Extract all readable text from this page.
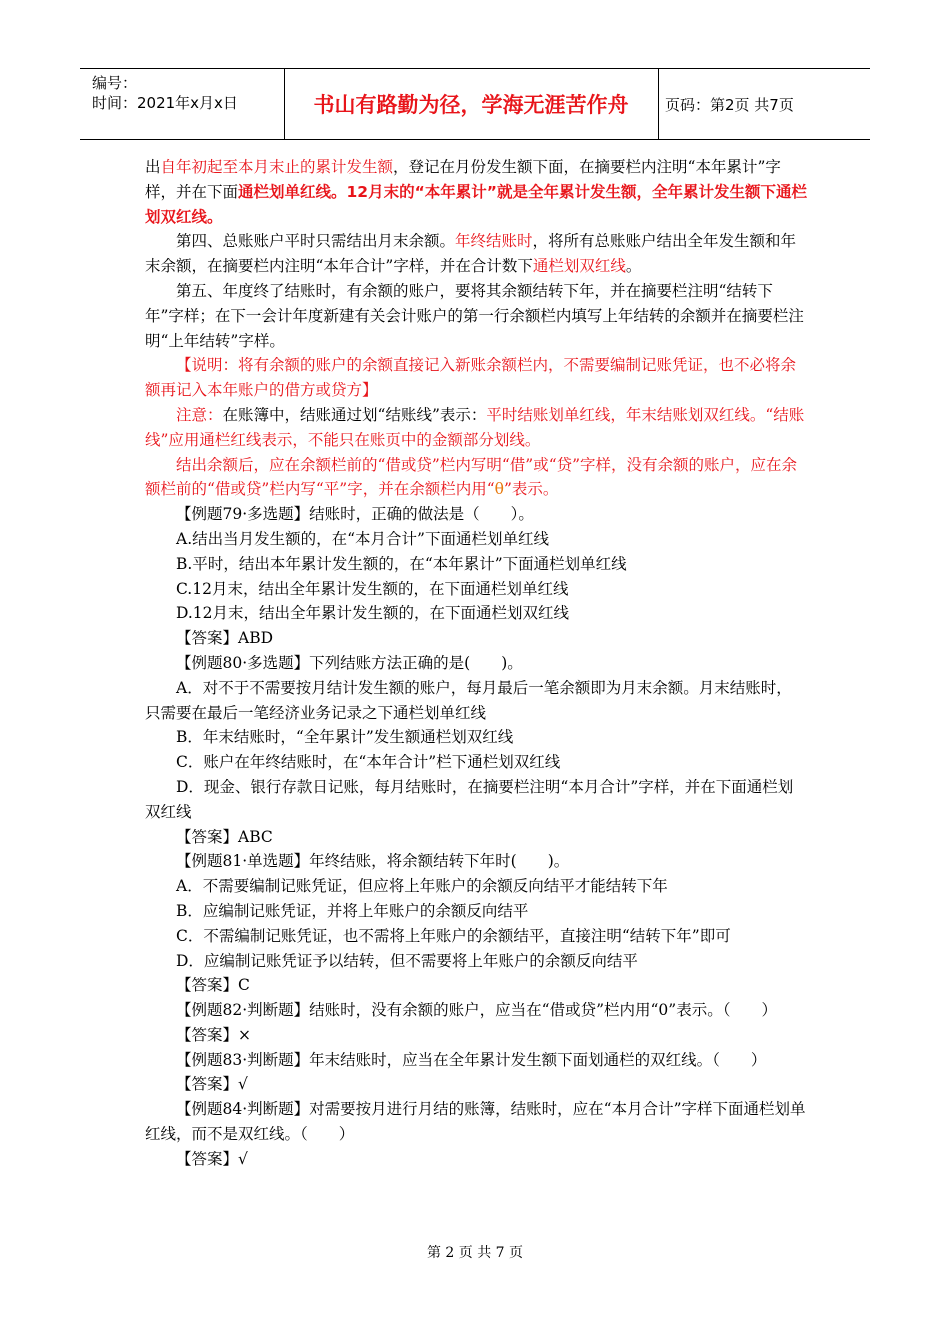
编号：
时间：2021年x月x日	书山有路勤为径，学海无涯苦作舟	页码：第2页 共7页

出自年初起至本月末止的累计发生额，登记在月份发生额下面，在摘要栏内注明“本年累计”字样，并在下面通栏划单红线。12月末的“本年累计”就是全年累计发生额，全年累计发生额下通栏划双红线。

第四、总账账户平时只需结出月末余额。年终结账时，将所有总账账户结出全年发生额和年末余额，在摘要栏内注明“本年合计”字样，并在合计数下通栏划双红线。

第五、年度终了结账时，有余额的账户，要将其余额结转下年，并在摘要栏注明“结转下年”字样；在下一会计年度新建有关会计账户的第一行余额栏内填写上年结转的余额并在摘要栏注明“上年结转”字样。

【说明：将有余额的账户的余额直接记入新账余额栏内，不需要编制记账凭证，也不必将余额再记入本年账户的借方或贷方】

注意：在账簿中，结账通过划“结账线”表示：平时结账划单红线，年末结账划双红线。“结账线”应用通栏红线表示，不能只在账页中的金额部分划线。

结出余额后，应在余额栏前的“借或贷”栏内写明“借”或“贷”字样，没有余额的账户，应在余额栏前的“借或贷”栏内写“平”字，并在余额栏内用“θ”表示。

【例题79·多选题】结账时，正确的做法是（　　）。

A.结出当月发生额的，在“本月合计”下面通栏划单红线

B.平时，结出本年累计发生额的，在“本年累计”下面通栏划单红线

C.12月末，结出全年累计发生额的，在下面通栏划单红线

D.12月末，结出全年累计发生额的，在下面通栏划双红线

【答案】ABD

【例题80·多选题】下列结账方法正确的是(　　)。

A．对不于不需要按月结计发生额的账户，每月最后一笔余额即为月末余额。月末结账时，只需要在最后一笔经济业务记录之下通栏划单红线

B．年末结账时，“全年累计”发生额通栏划双红线

C．账户在年终结账时，在“本年合计”栏下通栏划双红线

D．现金、银行存款日记账，每月结账时，在摘要栏注明“本月合计”字样，并在下面通栏划双红线

【答案】ABC

【例题81·单选题】年终结账，将余额结转下年时(　　)。

A．不需要编制记账凭证，但应将上年账户的余额反向结平才能结转下年

B．应编制记账凭证，并将上年账户的余额反向结平

C．不需编制记账凭证，也不需将上年账户的余额结平，直接注明“结转下年”即可

D．应编制记账凭证予以结转，但不需要将上年账户的余额反向结平

【答案】C

【例题82·判断题】结账时，没有余额的账户，应当在“借或贷”栏内用“0”表示。（　　）

【答案】×

【例题83·判断题】年末结账时，应当在全年累计发生额下面划通栏的双红线。（　　）

【答案】√

【例题84·判断题】对需要按月进行月结的账簿，结账时，应在“本月合计”字样下面通栏划单红线，而不是双红线。（　　）

【答案】√

第 2 页 共 7 页
